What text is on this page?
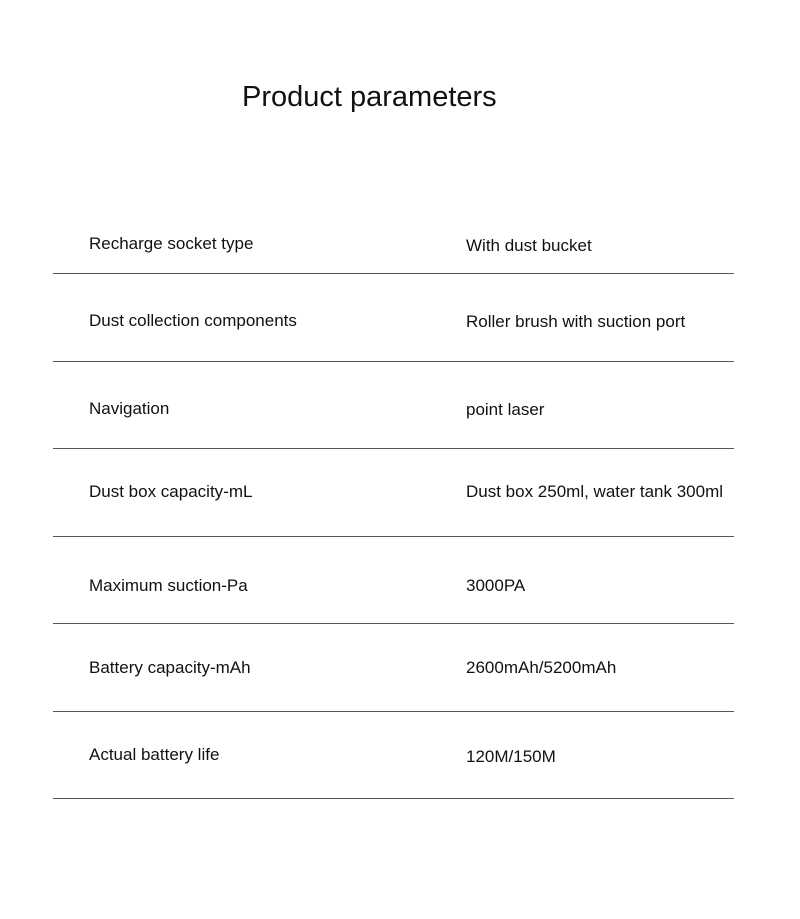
Product parameters
Recharge socket type	With dust bucket
Dust collection components	Roller brush with suction port
Navigation	point laser
Dust box capacity-mL	Dust box 250ml, water tank 300ml
Maximum suction-Pa	3000PA
Battery capacity-mAh	2600mAh/5200mAh
Actual battery life	120M/150M
